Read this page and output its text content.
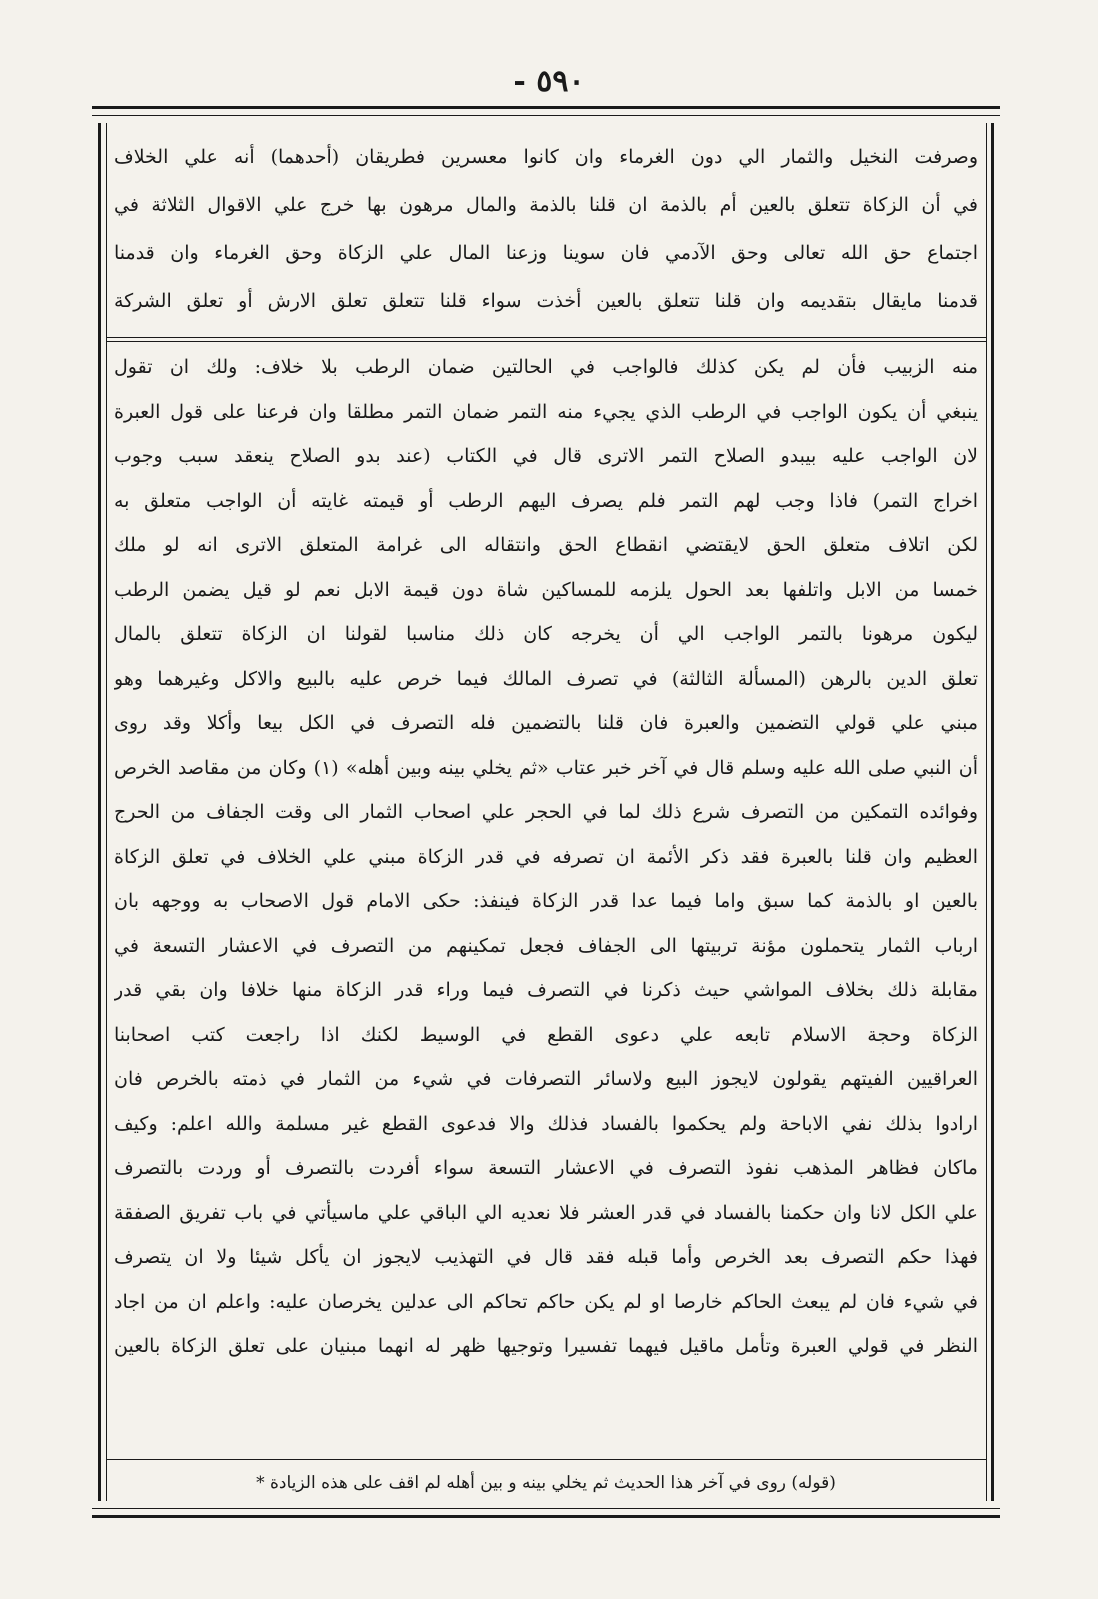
- ٥٩٠
وصرفت النخيل والثمار الي دون الغرماء وان كانوا معسرين فطريقان (أحدهما) أنه علي الخلاف
في أن الزكاة تتعلق بالعين أم بالذمة ان قلنا بالذمة والمال مرهون بها خرج علي الاقوال الثلاثة في
اجتماع حق الله تعالى وحق الآدمي فان سوينا وزعنا المال علي الزكاة وحق الغرماء وان قدمنا
قدمنا مايقال بتقديمه وان قلنا تتعلق بالعين أخذت سواء قلنا تتعلق تعلق الارش أو تعلق الشركة
منه الزبيب فأن لم يكن كذلك فالواجب في الحالتين ضمان الرطب بلا خلاف: ولك ان تقول
ينبغي أن يكون الواجب في الرطب الذي يجيء منه التمر ضمان التمر مطلقا وان فرعنا على قول العبرة
لان الواجب عليه بيبدو الصلاح التمر الاترى قال في الكتاب (عند بدو الصلاح ينعقد سبب وجوب
اخراج التمر) فاذا وجب لهم التمر فلم يصرف اليهم الرطب أو قيمته غايته أن الواجب متعلق به
لكن اتلاف متعلق الحق لايقتضي انقطاع الحق وانتقاله الى غرامة المتعلق الاترى انه لو ملك
خمسا من الابل واتلفها بعد الحول يلزمه للمساكين شاة دون قيمة الابل نعم لو قيل يضمن الرطب
ليكون مرهونا بالتمر الواجب الي أن يخرجه كان ذلك مناسبا لقولنا ان الزكاة تتعلق بالمال
تعلق الدين بالرهن (المسألة الثالثة) في تصرف المالك فيما خرص عليه بالبيع والاكل وغيرهما وهو
مبني علي قولي التضمين والعبرة فان قلنا بالتضمين فله التصرف في الكل بيعا وأكلا وقد روى
أن النبي صلى الله عليه وسلم قال في آخر خبر عتاب «ثم يخلي بينه وبين أهله» (١) وكان من مقاصد الخرص
وفوائده التمكين من التصرف شرع ذلك لما في الحجر علي اصحاب الثمار الى وقت الجفاف من الحرج
العظيم وان قلنا بالعبرة فقد ذكر الأئمة ان تصرفه في قدر الزكاة مبني علي الخلاف في تعلق الزكاة
بالعين او بالذمة كما سبق واما فيما عدا قدر الزكاة فينفذ: حكى الامام قول الاصحاب به ووجهه بان
ارباب الثمار يتحملون مؤنة تربيتها الى الجفاف فجعل تمكينهم من التصرف في الاعشار التسعة في
مقابلة ذلك بخلاف المواشي حيث ذكرنا في التصرف فيما وراء قدر الزكاة منها خلافا وان بقي قدر
الزكاة وحجة الاسلام تابعه علي دعوى القطع في الوسيط لكنك اذا راجعت كتب اصحابنا
العراقيين الفيتهم يقولون لايجوز البيع ولاسائر التصرفات في شيء من الثمار في ذمته بالخرص فان
ارادوا بذلك نفي الاباحة ولم يحكموا بالفساد فذلك والا فدعوى القطع غير مسلمة والله اعلم: وكيف
ماكان فظاهر المذهب نفوذ التصرف في الاعشار التسعة سواء أفردت بالتصرف أو وردت بالتصرف
علي الكل لانا وان حكمنا بالفساد في قدر العشر فلا نعديه الي الباقي علي ماسيأتي في باب تفريق الصفقة
فهذا حكم التصرف بعد الخرص وأما قبله فقد قال في التهذيب لايجوز ان يأكل شيئا ولا ان يتصرف
في شيء فان لم يبعث الحاكم خارصا او لم يكن حاكم تحاكم الى عدلين يخرصان عليه: واعلم ان من اجاد
النظر في قولي العبرة وتأمل ماقيل فيهما تفسيرا وتوجيها ظهر له انهما مبنيان على تعلق الزكاة بالعين
(قوله) روى في آخر هذا الحديث ثم يخلي بينه و بين أهله لم اقف على هذه الزيادة *
